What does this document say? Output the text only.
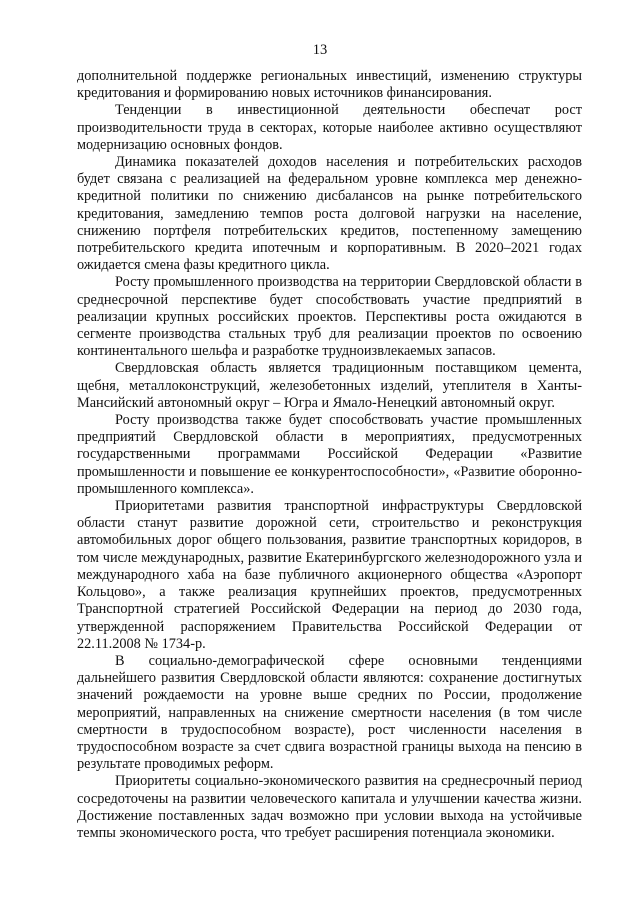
13

дополнительной поддержке региональных инвестиций, изменению структуры кредитования и формированию новых источников финансирования.

Тенденции в инвестиционной деятельности обеспечат рост производительности труда в секторах, которые наиболее активно осуществляют модернизацию основных фондов.

Динамика показателей доходов населения и потребительских расходов будет связана с реализацией на федеральном уровне комплекса мер денежно-кредитной политики по снижению дисбалансов на рынке потребительского кредитования, замедлению темпов роста долговой нагрузки на население, снижению портфеля потребительских кредитов, постепенному замещению потребительского кредита ипотечным и корпоративным. В 2020–2021 годах ожидается смена фазы кредитного цикла.

Росту промышленного производства на территории Свердловской области в среднесрочной перспективе будет способствовать участие предприятий в реализации крупных российских проектов. Перспективы роста ожидаются в сегменте производства стальных труб для реализации проектов по освоению континентального шельфа и разработке трудноизвлекаемых запасов.

Свердловская область является традиционным поставщиком цемента, щебня, металлоконструкций, железобетонных изделий, утеплителя в Ханты-Мансийский автономный округ – Югра и Ямало-Ненецкий автономный округ.

Росту производства также будет способствовать участие промышленных предприятий Свердловской области в мероприятиях, предусмотренных государственными программами Российской Федерации «Развитие промышленности и повышение ее конкурентоспособности», «Развитие оборонно-промышленного комплекса».

Приоритетами развития транспортной инфраструктуры Свердловской области станут развитие дорожной сети, строительство и реконструкция автомобильных дорог общего пользования, развитие транспортных коридоров, в том числе международных, развитие Екатеринбургского железнодорожного узла и международного хаба на базе публичного акционерного общества «Аэропорт Кольцово», а также реализация крупнейших проектов, предусмотренных Транспортной стратегией Российской Федерации на период до 2030 года, утвержденной распоряжением Правительства Российской Федерации от 22.11.2008 № 1734-р.

В социально-демографической сфере основными тенденциями дальнейшего развития Свердловской области являются: сохранение достигнутых значений рождаемости на уровне выше средних по России, продолжение мероприятий, направленных на снижение смертности населения (в том числе смертности в трудоспособном возрасте), рост численности населения в трудоспособном возрасте за счет сдвига возрастной границы выхода на пенсию в результате проводимых реформ.

Приоритеты социально-экономического развития на среднесрочный период сосредоточены на развитии человеческого капитала и улучшении качества жизни. Достижение поставленных задач возможно при условии выхода на устойчивые темпы экономического роста, что требует расширения потенциала экономики.
